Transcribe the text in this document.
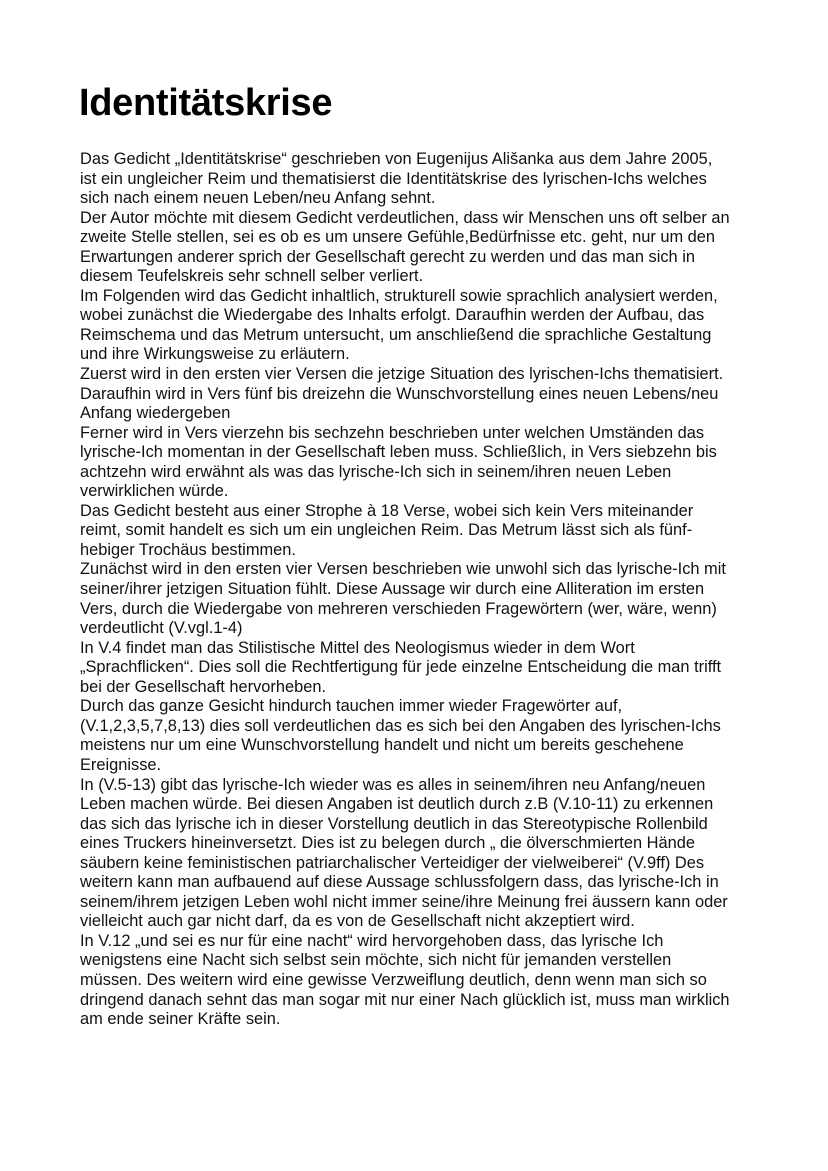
Identitätskrise
Das Gedicht „Identitätskrise“ geschrieben von Eugenijus Ališanka aus dem Jahre 2005,
ist ein ungleicher Reim und thematisierst die Identitätskrise des lyrischen-Ichs welches
sich nach einem neuen Leben/neu Anfang sehnt.
Der Autor möchte mit diesem Gedicht verdeutlichen, dass wir Menschen uns oft selber an
zweite Stelle stellen, sei es ob es um unsere Gefühle,Bedürfnisse etc. geht, nur um den
Erwartungen anderer sprich der Gesellschaft gerecht zu werden und das man sich in
diesem Teufelskreis sehr schnell selber verliert.
Im Folgenden wird das Gedicht inhaltlich, strukturell sowie sprachlich analysiert werden,
wobei zunächst die Wiedergabe des Inhalts erfolgt. Daraufhin werden der Aufbau, das
Reimschema und das Metrum untersucht, um anschließend die sprachliche Gestaltung
und ihre Wirkungsweise zu erläutern.
Zuerst wird in den ersten vier Versen die jetzige Situation des lyrischen-Ichs thematisiert.
Daraufhin wird in Vers fünf bis dreizehn die Wunschvorstellung eines neuen Lebens/neu
Anfang wiedergeben
Ferner wird in Vers vierzehn bis sechzehn beschrieben unter welchen Umständen das
lyrische-Ich momentan in der Gesellschaft leben muss. Schließlich, in Vers siebzehn bis
achtzehn wird erwähnt als was das lyrische-Ich sich in seinem/ihren neuen Leben
verwirklichen würde.
Das Gedicht besteht aus einer Strophe à 18 Verse, wobei sich kein Vers miteinander
reimt, somit handelt es sich um ein ungleichen Reim. Das Metrum lässt sich als fünf-
hebiger Trochäus bestimmen.
Zunächst wird in den ersten vier Versen beschrieben wie unwohl sich das lyrische-Ich mit
seiner/ihrer jetzigen Situation fühlt. Diese Aussage wir durch eine Alliteration im ersten
Vers, durch die Wiedergabe von mehreren verschieden Fragewörtern (wer, wäre, wenn)
verdeutlicht (V.vgl.1-4)
In V.4 findet man das Stilistische Mittel des Neologismus wieder in dem Wort
„Sprachflicken“. Dies soll die Rechtfertigung für jede einzelne Entscheidung die man trifft
bei der Gesellschaft hervorheben.
Durch das ganze Gesicht hindurch tauchen immer wieder Fragewörter auf,
(V.1,2,3,5,7,8,13) dies soll verdeutlichen das es sich bei den Angaben des lyrischen-Ichs
meistens nur um eine Wunschvorstellung handelt und nicht um bereits geschehene
Ereignisse.
In (V.5-13) gibt das lyrische-Ich wieder was es alles in seinem/ihren neu Anfang/neuen
Leben machen würde. Bei diesen Angaben ist deutlich durch z.B (V.10-11) zu erkennen
das sich das lyrische ich in dieser Vorstellung deutlich in das Stereotypische Rollenbild
eines Truckers hineinversetzt. Dies ist zu belegen durch „ die ölverschmierten Hände
säubern keine feministischen patriarchalischer Verteidiger der vielweiberei“ (V.9ff) Des
weitern kann man aufbauend auf diese Aussage schlussfolgern dass, das lyrische-Ich in
seinem/ihrem jetzigen Leben wohl nicht immer seine/ihre Meinung frei äussern kann oder
vielleicht auch gar nicht darf, da es von de Gesellschaft nicht akzeptiert wird.
In V.12 „und sei es nur für eine nacht“ wird hervorgehoben dass, das lyrische Ich
wenigstens eine Nacht sich selbst sein möchte, sich nicht für jemanden verstellen
müssen. Des weitern wird eine gewisse Verzweiflung deutlich, denn wenn man sich so
dringend danach sehnt das man sogar mit nur einer Nach glücklich ist, muss man wirklich
am ende seiner Kräfte sein.
